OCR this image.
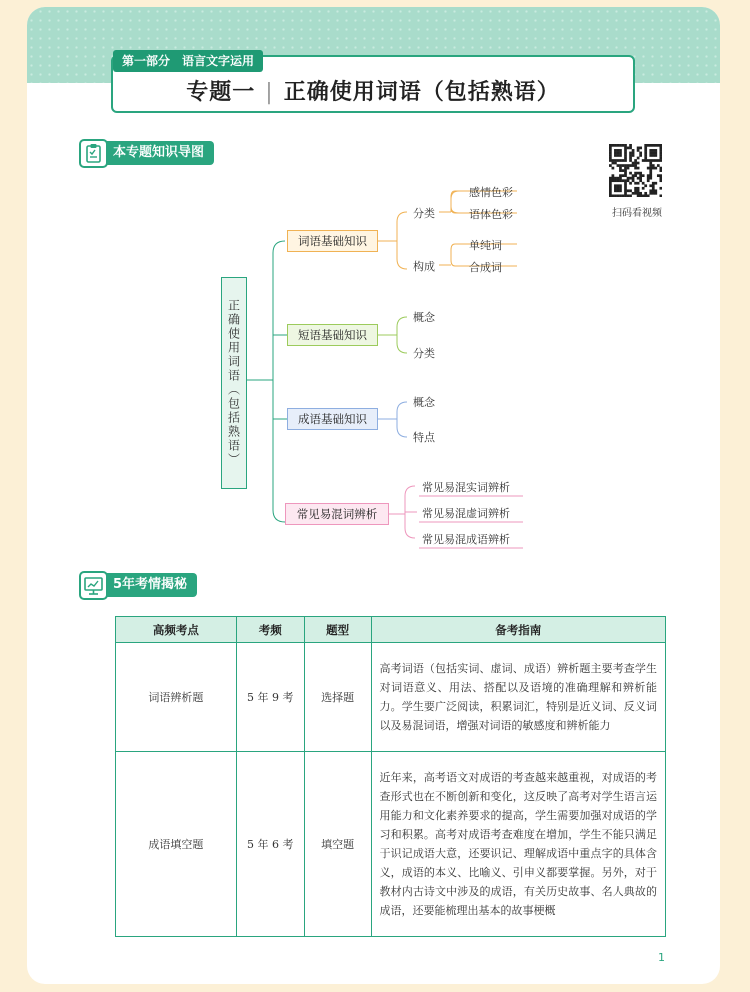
第一部分　语言文字运用
专题一 | 正确使用词语（包括熟语）
本专题知识导图
扫码看视频
正确使用词语（包括熟语）
词语基础知识
短语基础知识
成语基础知识
常见易混词辨析
分类
感情色彩
语体色彩
构成
单纯词
合成词
概念
分类
概念
特点
常见易混实词辨析
常见易混虚词辨析
常见易混成语辨析
5年考情揭秘
高频考点	考频	题型	备考指南
词语辨析题	5 年 9 考	选择题	高考词语（包括实词、虚词、成语）辨析题主要考查学生对词语意义、用法、搭配以及语境的准确理解和辨析能力。学生要广泛阅读，积累词汇，特别是近义词、反义词以及易混词语，增强对词语的敏感度和辨析能力
成语填空题	5 年 6 考	填空题	近年来，高考语文对成语的考查越来越重视，对成语的考查形式也在不断创新和变化，这反映了高考对学生语言运用能力和文化素养要求的提高，学生需要加强对成语的学习和积累。高考对成语考查难度在增加，学生不能只满足于识记成语大意，还要识记、理解成语中重点字的具体含义，成语的本义、比喻义、引申义都要掌握。另外，对于教材内古诗文中涉及的成语，有关历史故事、名人典故的成语，还要能梳理出基本的故事梗概
1
